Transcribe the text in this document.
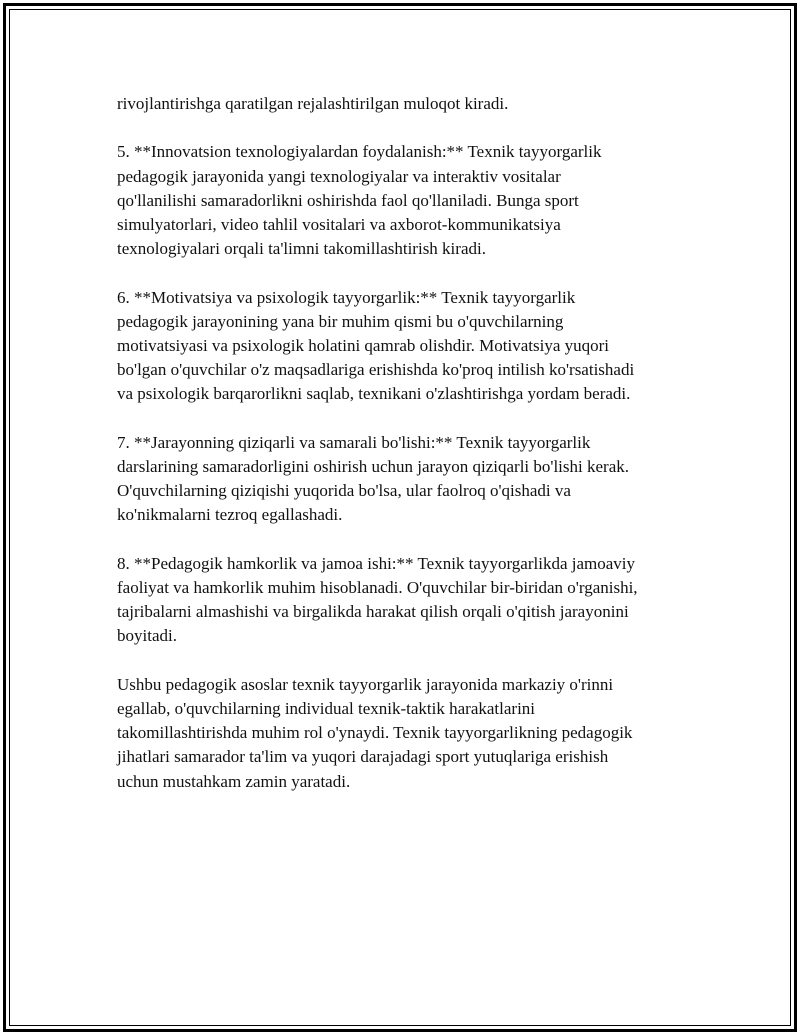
rivojlantirishga qaratilgan rejalashtirilgan muloqot kiradi.

5. **Innovatsion texnologiyalardan foydalanish:** Texnik tayyorgarlik
pedagogik jarayonida yangi texnologiyalar va interaktiv vositalar
qo'llanilishi samaradorlikni oshirishda faol qo'llaniladi. Bunga sport
simulyatorlari, video tahlil vositalari va axborot-kommunikatsiya
texnologiyalari orqali ta'limni takomillashtirish kiradi.

6. **Motivatsiya va psixologik tayyorgarlik:** Texnik tayyorgarlik
pedagogik jarayonining yana bir muhim qismi bu o'quvchilarning
motivatsiyasi va psixologik holatini qamrab olishdir. Motivatsiya yuqori
bo'lgan o'quvchilar o'z maqsadlariga erishishda ko'proq intilish ko'rsatishadi
va psixologik barqarorlikni saqlab, texnikani o'zlashtirishga yordam beradi.

7. **Jarayonning qiziqarli va samarali bo'lishi:** Texnik tayyorgarlik
darslarining samaradorligini oshirish uchun jarayon qiziqarli bo'lishi kerak.
O'quvchilarning qiziqishi yuqorida bo'lsa, ular faolroq o'qishadi va
ko'nikmalarni tezroq egallashadi.

8. **Pedagogik hamkorlik va jamoa ishi:** Texnik tayyorgarlikda jamoaviy
faoliyat va hamkorlik muhim hisoblanadi. O'quvchilar bir-biridan o'rganishi,
tajribalarni almashishi va birgalikda harakat qilish orqali o'qitish jarayonini
boyitadi.

Ushbu pedagogik asoslar texnik tayyorgarlik jarayonida markaziy o'rinni
egallab, o'quvchilarning individual texnik-taktik harakatlarini
takomillashtirishda muhim rol o'ynaydi. Texnik tayyorgarlikning pedagogik
jihatlari samarador ta'lim va yuqori darajadagi sport yutuqlariga erishish
uchun mustahkam zamin yaratadi.
